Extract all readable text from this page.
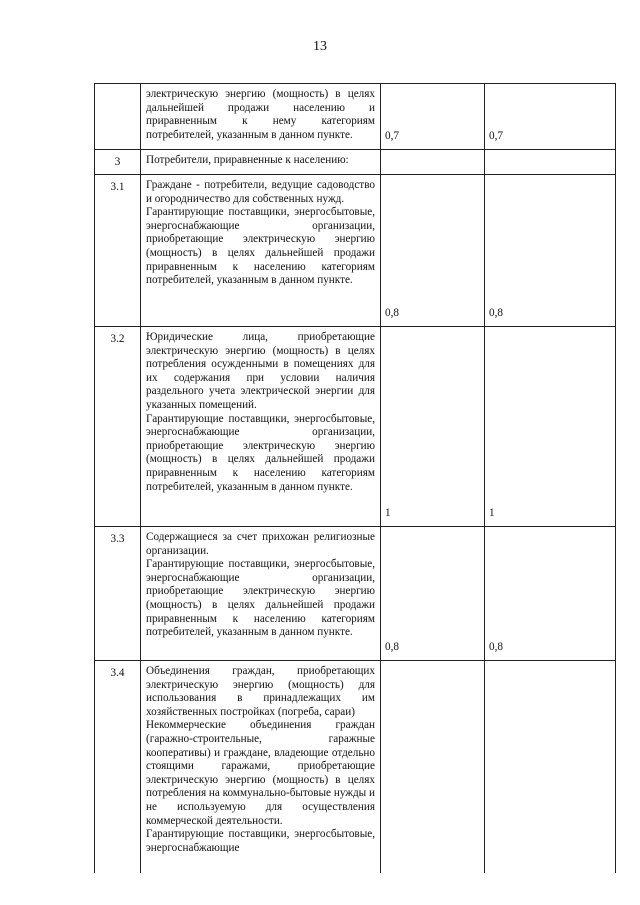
13

	электрическую энергию (мощность) в целях дальнейшей продажи населению и приравненным к нему категориям потребителей, указанным в данном пункте.	0,7	0,7
3	Потребители, приравненные к населению:		

3.1	Граждане - потребители, ведущие садоводство и огородничество для собственных нужд.
Гарантирующие поставщики, энергосбытовые, энергоснабжающие организации, приобретающие электрическую энергию (мощность) в целях дальнейшей продажи приравненным к населению категориям потребителей, указанным в данном пункте.	0,8	0,8
3.2	Юридические лица, приобретающие электрическую энергию (мощность) в целях потребления осужденными в помещениях для их содержания при условии наличия раздельного учета электрической энергии для указанных помещений.
Гарантирующие поставщики, энергосбытовые, энергоснабжающие организации, приобретающие электрическую энергию (мощность) в целях дальнейшей продажи приравненным к населению категориям потребителей, указанным в данном пункте.	1	1
3.3	Содержащиеся за счет прихожан религиозные организации.
Гарантирующие поставщики, энергосбытовые, энергоснабжающие организации, приобретающие электрическую энергию (мощность) в целях дальнейшей продажи приравненным к населению категориям потребителей, указанным в данном пункте.	0,8	0,8
3.4	Объединения граждан, приобретающих электрическую энергию (мощность) для использования в принадлежащих им хозяйственных постройках (погреба, сараи)
Некоммерческие объединения граждан (гаражно-строительные, гаражные кооперативы) и граждане, владеющие отдельно стоящими гаражами, приобретающие электрическую энергию (мощность) в целях потребления на коммунально-бытовые нужды и не используемую для осуществления коммерческой деятельности.
Гарантирующие поставщики, энергосбытовые, энергоснабжающие		
